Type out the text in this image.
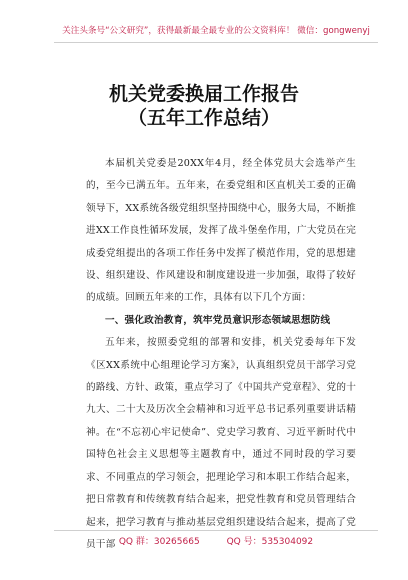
关注头条号“公文研究”，获得最新最全最专业的公文资料库！ 微信：gongwenyj
机关党委换届工作报告
（五年工作总结）

本届机关党委是20XX年4月，经全体党员大会选举产生的，至今已满五年。五年来，在委党组和区直机关工委的正确领导下，XX系统各级党组织坚持围绕中心，服务大局，不断推进XX工作良性循环发展，发挥了战斗堡垒作用，广大党员在完成委党组提出的各项工作任务中发挥了模范作用，党的思想建设、组织建设、作风建设和制度建设进一步加强，取得了较好的成绩。回顾五年来的工作，具体有以下几个方面：

一、强化政治教育，筑牢党员意识形态领域思想防线

五年来，按照委党组的部署和安排，机关党委每年下发《区XX系统中心组理论学习方案》，认真组织党员干部学习党的路线、方针、政策，重点学习了《中国共产党章程》、党的十九大、二十大及历次全会精神和习近平总书记系列重要讲话精神。在“不忘初心牢记使命”、党史学习教育、习近平新时代中国特色社会主义思想等主题教育中，通过不同时段的学习要求、不同重点的学习领会，把理论学习和本职工作结合起来，把日常教育和传统教育结合起来，把党性教育和党员管理结合起来，把学习教育与推动基层党组织建设结合起来，提高了党员干部 QQ 群：30265665	QQ 号：535304092
